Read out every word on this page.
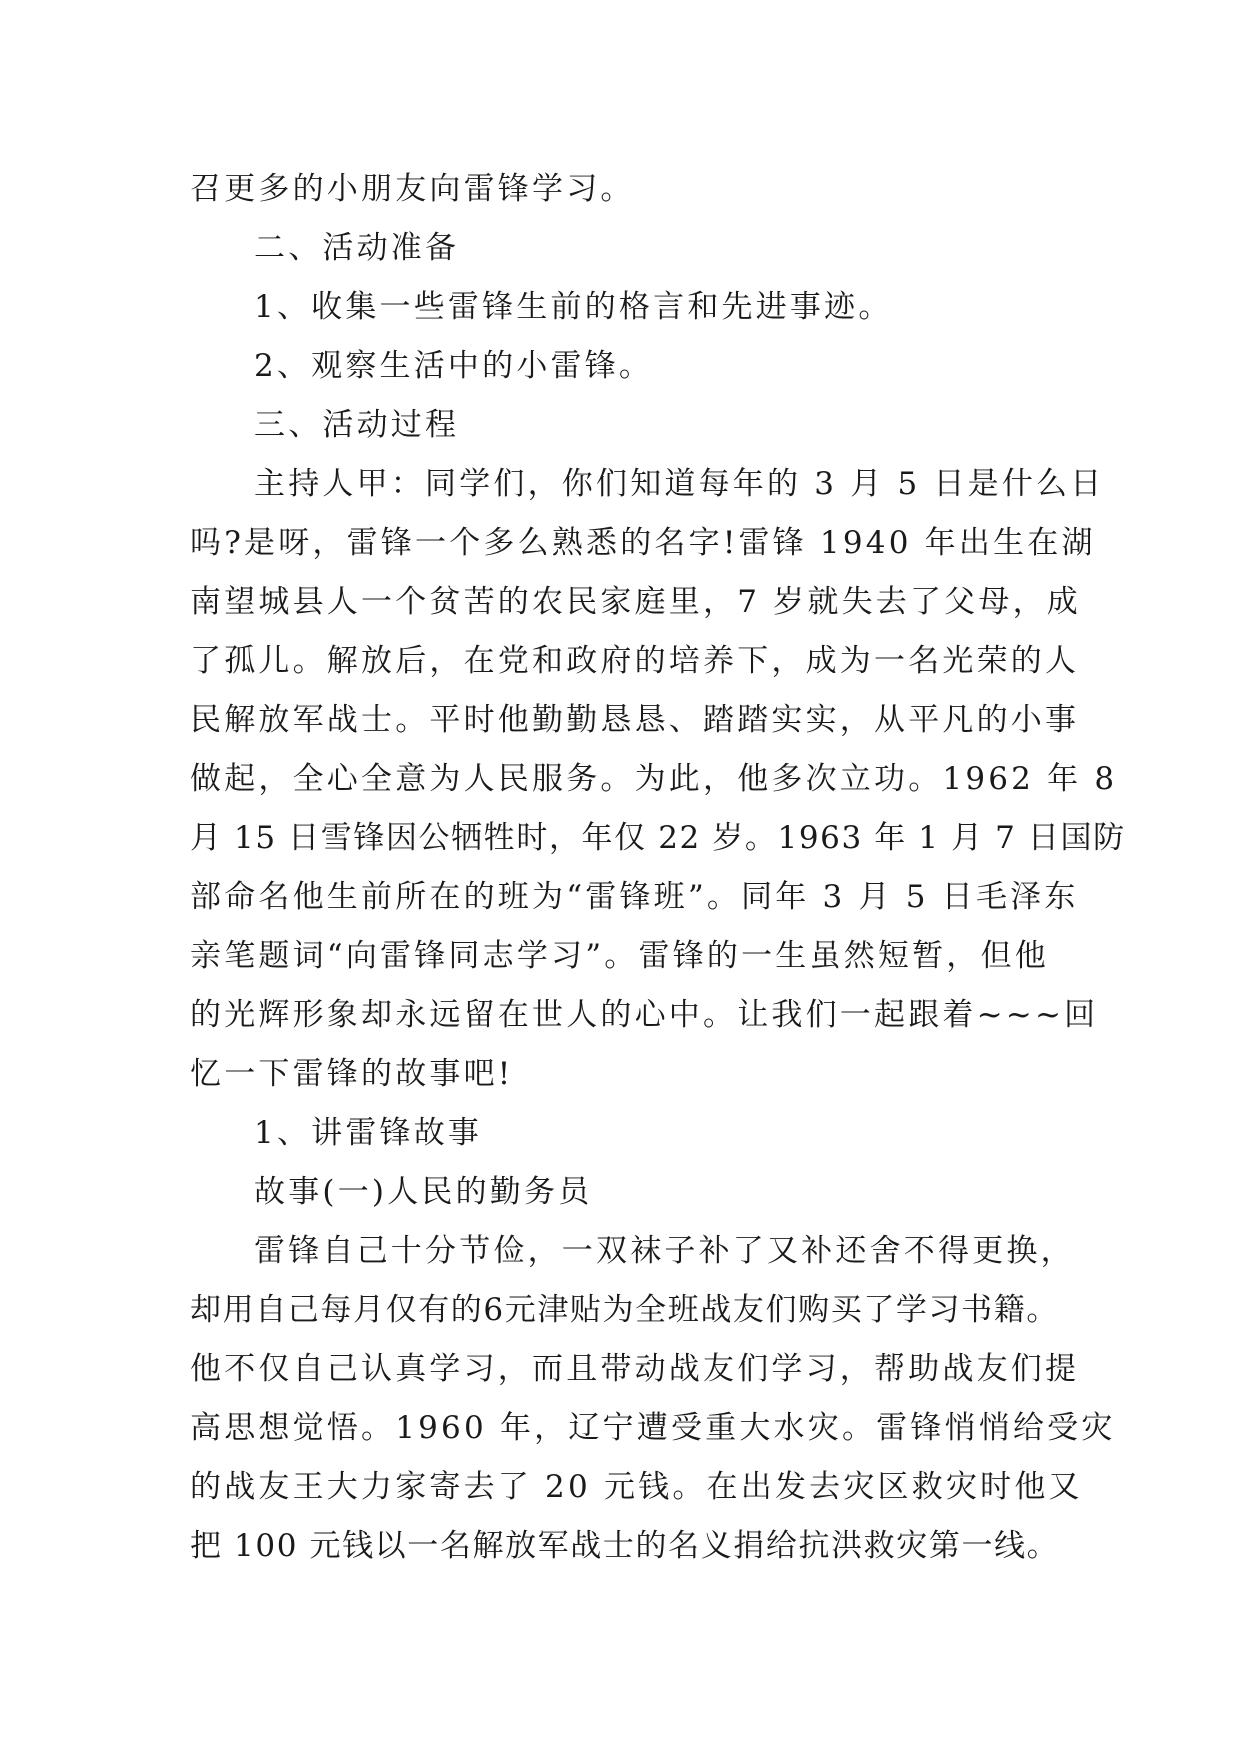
召更多的小朋友向雷锋学习。

二、活动准备

1、收集一些雷锋生前的格言和先进事迹。

2、观察生活中的小雷锋。

三、活动过程

主持人甲：同学们，你们知道每年的 3 月 5 日是什么日
吗?是呀，雷锋一个多么熟悉的名字!雷锋 1940 年出生在湖
南望城县人一个贫苦的农民家庭里，7 岁就失去了父母，成
了孤儿。解放后，在党和政府的培养下，成为一名光荣的人
民解放军战士。平时他勤勤恳恳、踏踏实实，从平凡的小事
做起，全心全意为人民服务。为此，他多次立功。1962 年 8
月 15 日雪锋因公牺牲时，年仅 22 岁。1963 年 1 月 7 日国防
部命名他生前所在的班为“雷锋班”。同年 3 月 5 日毛泽东
亲笔题词“向雷锋同志学习”。雷锋的一生虽然短暂，但他
的光辉形象却永远留在世人的心中。让我们一起跟着~~~回
忆一下雷锋的故事吧!

1、讲雷锋故事

故事(一)人民的勤务员

雷锋自己十分节俭，一双袜子补了又补还舍不得更换，
却用自己每月仅有的6元津贴为全班战友们购买了学习书籍。
他不仅自己认真学习，而且带动战友们学习，帮助战友们提
高思想觉悟。1960 年，辽宁遭受重大水灾。雷锋悄悄给受灾
的战友王大力家寄去了 20 元钱。在出发去灾区救灾时他又
把 100 元钱以一名解放军战士的名义捐给抗洪救灾第一线。
